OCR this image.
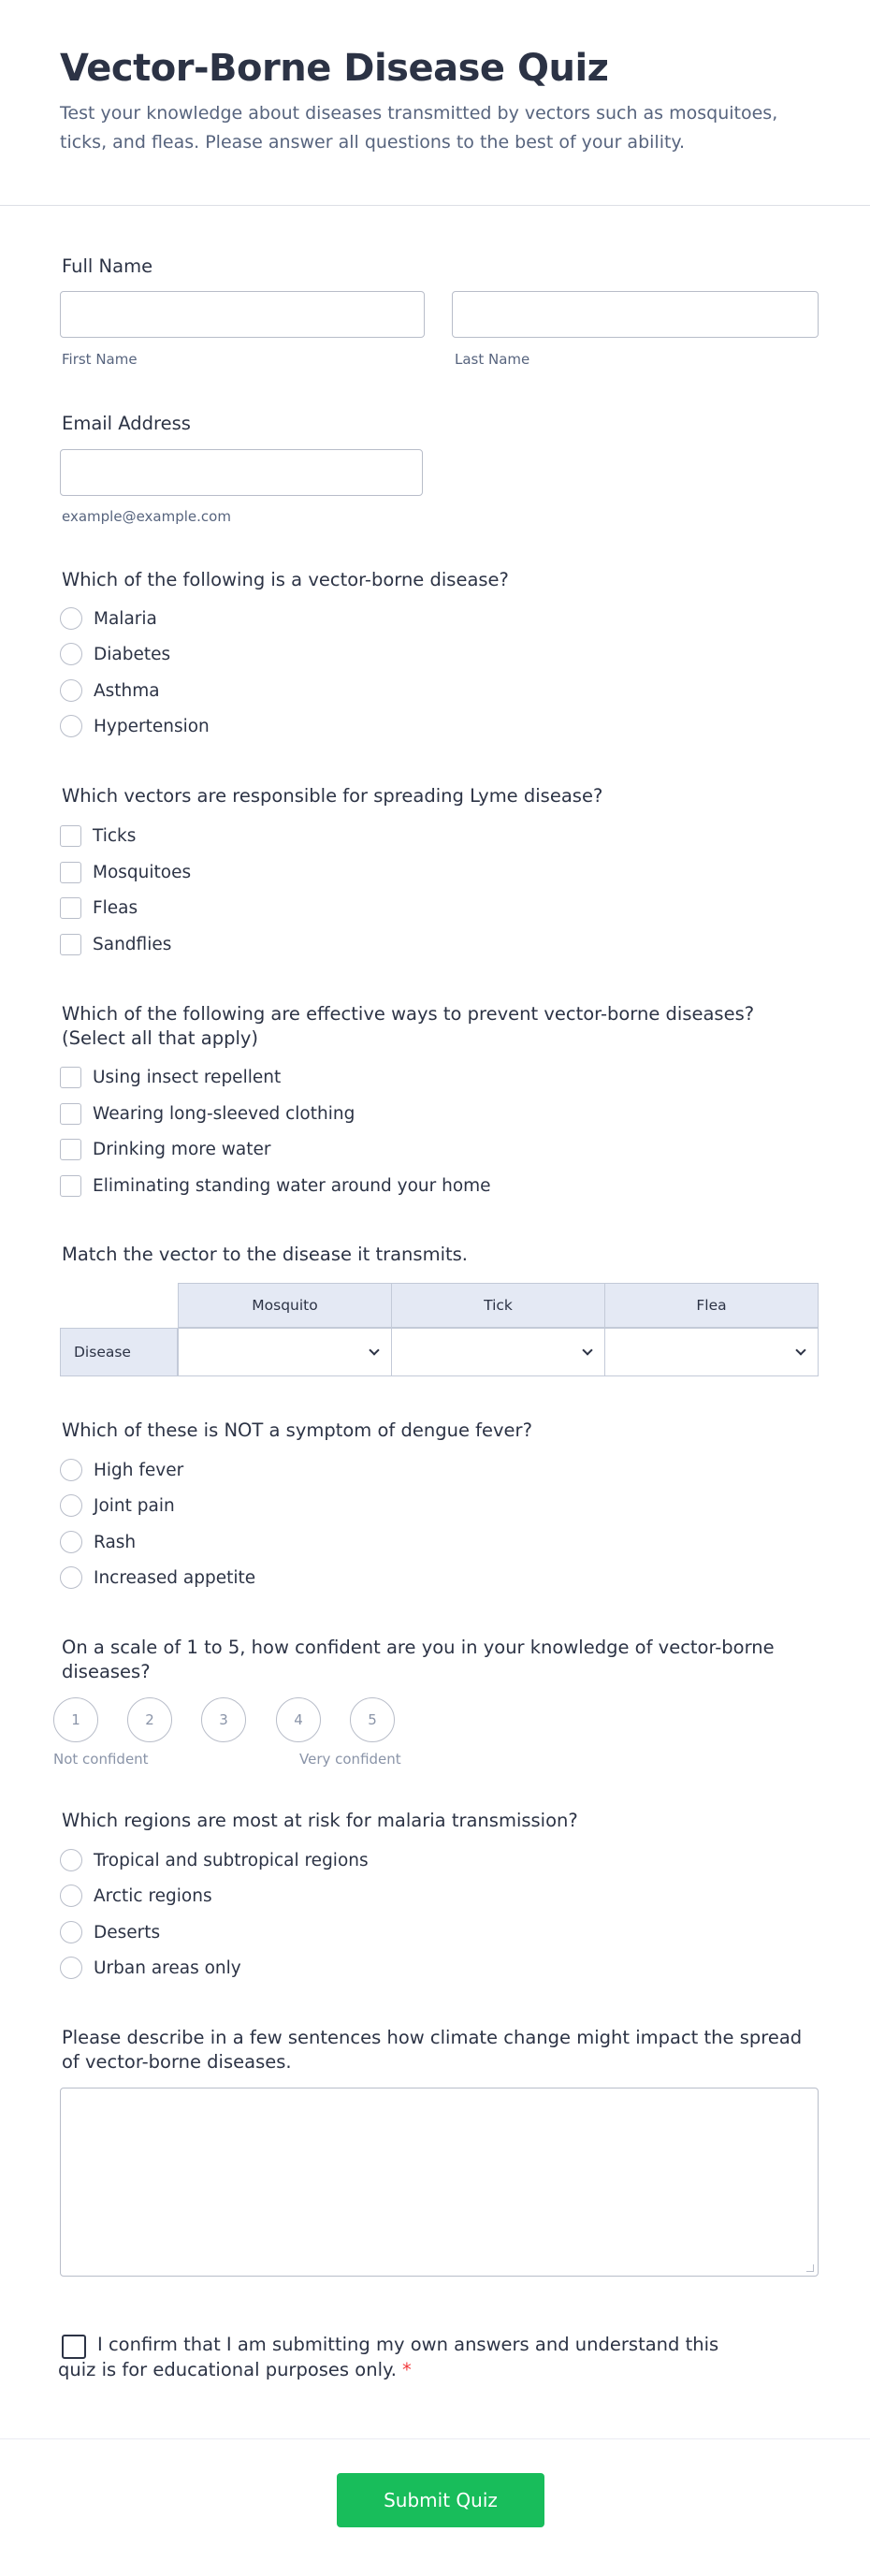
Vector-Borne Disease Quiz

Test your knowledge about diseases transmitted by vectors such as mosquitoes, ticks, and fleas. Please answer all questions to the best of your ability.

Full Name
First Name	Last Name
Email Address
example@example.com
Which of the following is a vector-borne disease?
Malaria
Diabetes
Asthma
Hypertension
Which vectors are responsible for spreading Lyme disease?
Ticks
Mosquitoes
Fleas
Sandflies
Which of the following are effective ways to prevent vector-borne diseases? (Select all that apply)
Using insect repellent
Wearing long-sleeved clothing
Drinking more water
Eliminating standing water around your home
Match the vector to the disease it transmits.
Mosquito	Tick	Flea
Disease
Which of these is NOT a symptom of dengue fever?
High fever
Joint pain
Rash
Increased appetite
On a scale of 1 to 5, how confident are you in your knowledge of vector-borne diseases?
1	2	3	4	5
Not confident	Very confident
Which regions are most at risk for malaria transmission?
Tropical and subtropical regions
Arctic regions
Deserts
Urban areas only
Please describe in a few sentences how climate change might impact the spread of vector-borne diseases.
I confirm that I am submitting my own answers and understand this quiz is for educational purposes only. *
Submit Quiz
